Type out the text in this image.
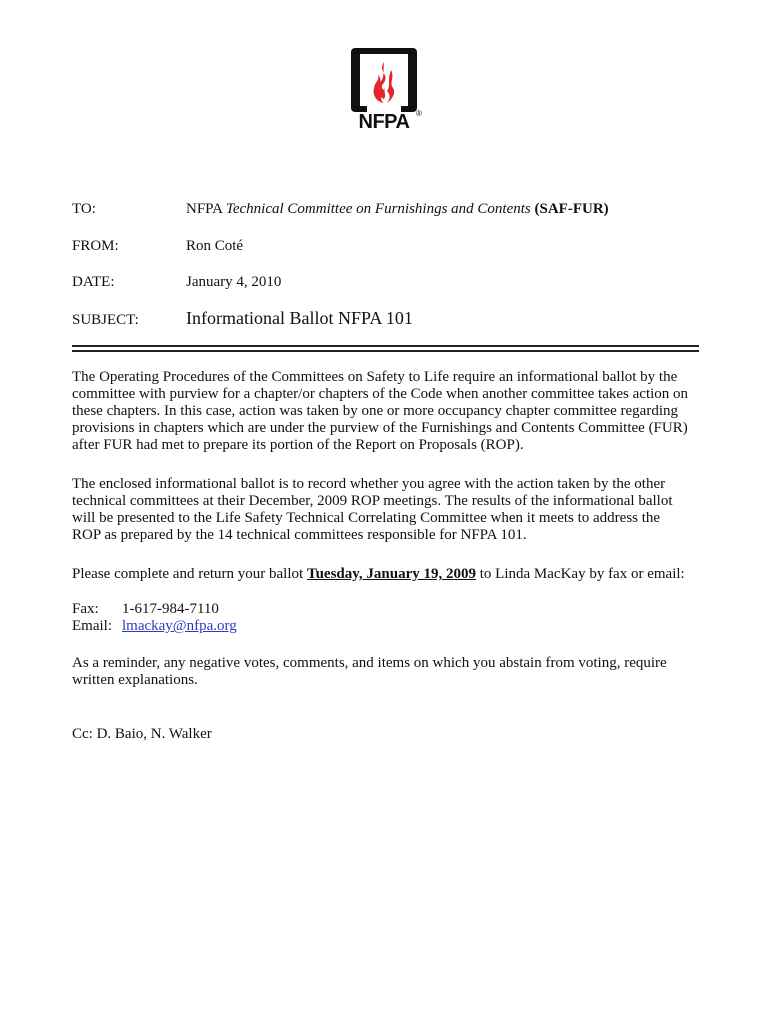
NFPA ®
TO:	NFPA Technical Committee on Furnishings and Contents (SAF-FUR)
FROM:	Ron Coté
DATE:	January 4, 2010
SUBJECT:	Informational Ballot NFPA 101
The Operating Procedures of the Committees on Safety to Life require an informational ballot by the
committee with purview for a chapter/or chapters of the Code when another committee takes action on
these chapters. In this case, action was taken by one or more occupancy chapter committee regarding
provisions in chapters which are under the purview of the Furnishings and Contents Committee (FUR)
after FUR had met to prepare its portion of the Report on Proposals (ROP).
The enclosed informational ballot is to record whether you agree with the action taken by the other
technical committees at their December, 2009 ROP meetings. The results of the informational ballot
will be presented to the Life Safety Technical Correlating Committee when it meets to address the
ROP as prepared by the 14 technical committees responsible for NFPA 101.
Please complete and return your ballot Tuesday, January 19, 2009 to Linda MacKay by fax or email:
Fax: 1-617-984-7110
Email: lmackay@nfpa.org
As a reminder, any negative votes, comments, and items on which you abstain from voting, require
written explanations.
Cc: D. Baio, N. Walker
